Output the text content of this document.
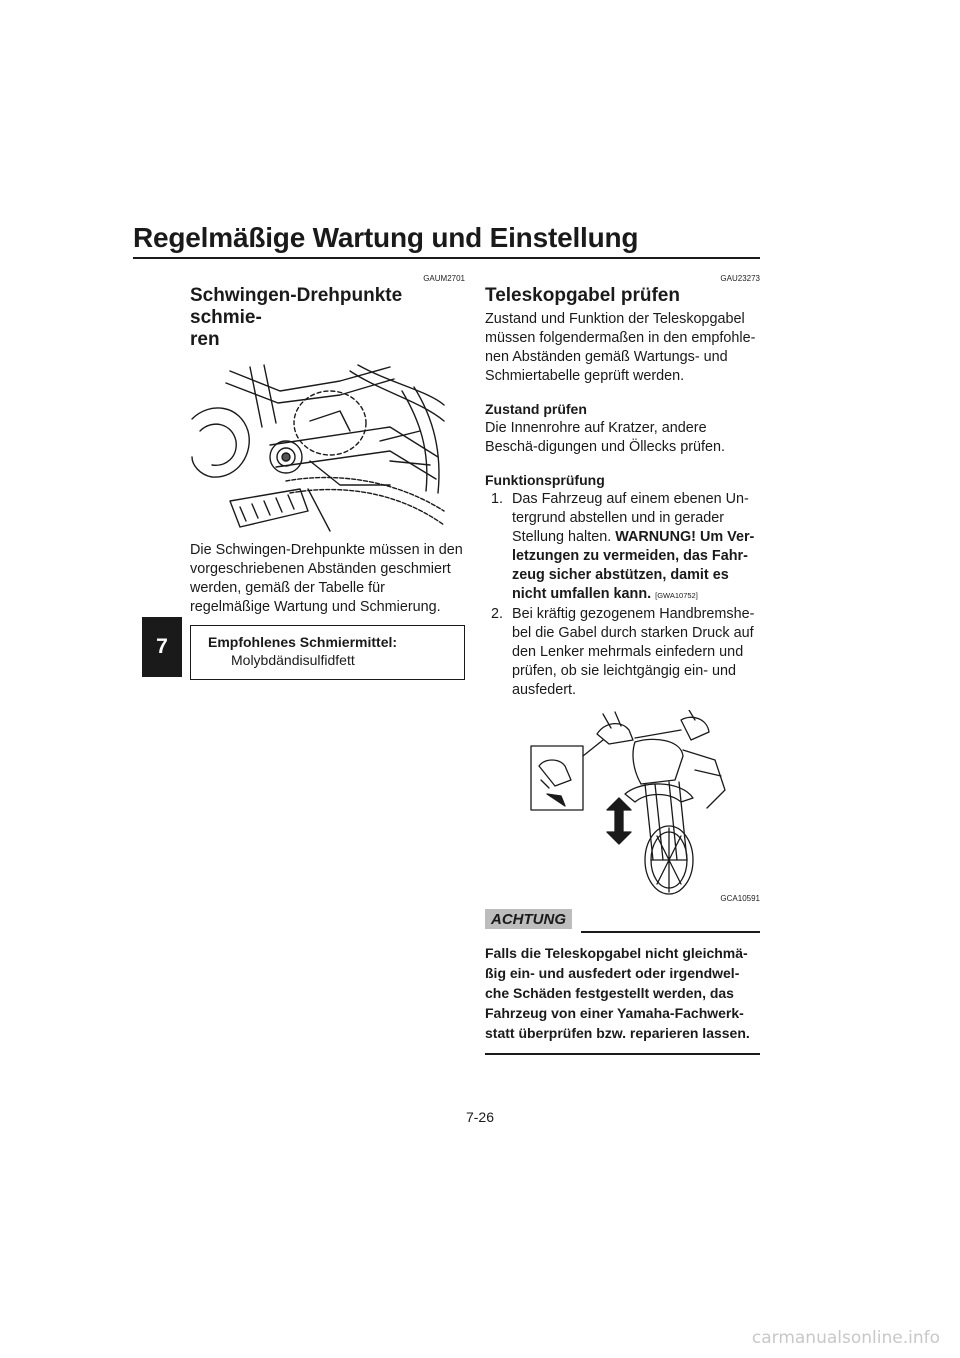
Regelmäßige Wartung und Einstellung
7
GAUM2701
Schwingen-Drehpunkte schmie-
ren

Die Schwingen-Drehpunkte müssen in den vorgeschriebenen Abständen geschmiert werden, gemäß der Tabelle für regelmäßige Wartung und Schmierung.

Empfohlenes Schmiermittel:
Molybdändisulfidfett
GAU23273
Teleskopgabel prüfen

Zustand und Funktion der Teleskopgabel müssen folgendermaßen in den empfohle-nen Abständen gemäß Wartungs- und Schmiertabelle geprüft werden.

Zustand prüfen

Die Innenrohre auf Kratzer, andere Beschä-digungen und Öllecks prüfen.

Funktionsprüfung
1. Das Fahrzeug auf einem ebenen Un-tergrund abstellen und in gerader Stellung halten. WARNUNG! Um Ver-letzungen zu vermeiden, das Fahr-zeug sicher abstützen, damit es nicht umfallen kann. [GWA10752]
2. Bei kräftig gezogenem Handbremshe-bel die Gabel durch starken Druck auf den Lenker mehrmals einfedern und prüfen, ob sie leichtgängig ein- und ausfedert.
GCA10591
ACHTUNG
Falls die Teleskopgabel nicht gleichmä-ßig ein- und ausfedert oder irgendwel-che Schäden festgestellt werden, das Fahrzeug von einer Yamaha-Fachwerk-statt überprüfen bzw. reparieren lassen.
7-26
carmanualsonline.info
